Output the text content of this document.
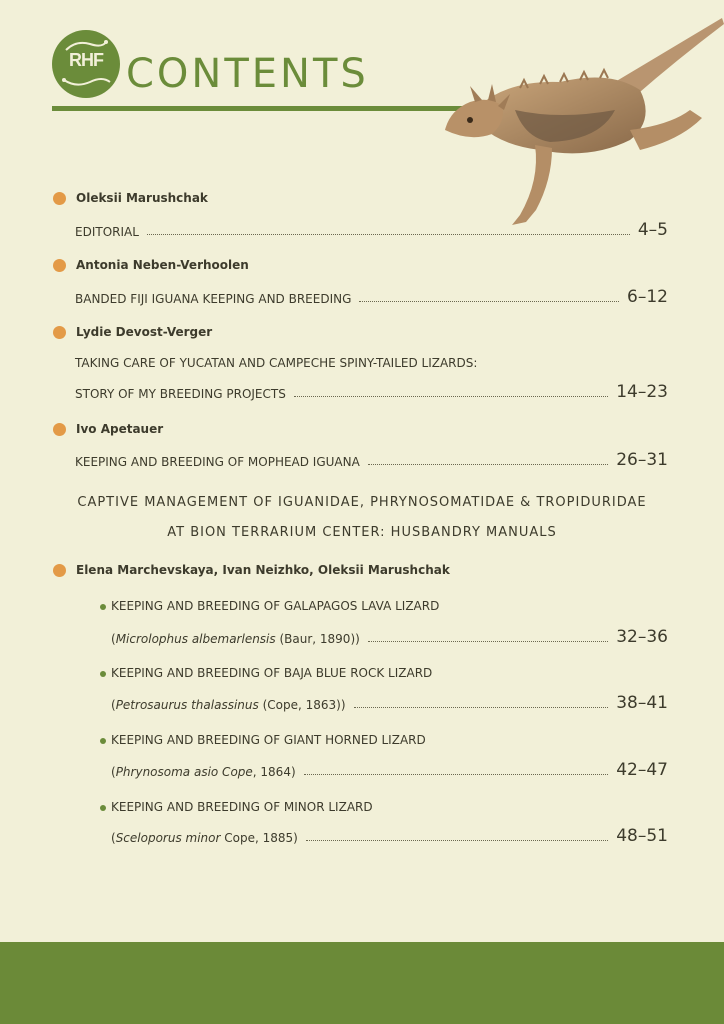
RHF CONTENTS
Oleksii Marushchak
EDITORIAL	4–5
Antonia Neben-Verhoolen
BANDED FIJI IGUANA KEEPING AND BREEDING	6–12
Lydie Devost-Verger
TAKING CARE OF YUCATAN AND CAMPECHE SPINY-TAILED LIZARDS:
STORY OF MY BREEDING PROJECTS	14–23
Ivo Apetauer
KEEPING AND BREEDING OF MOPHEAD IGUANA	26–31
CAPTIVE MANAGEMENT OF IGUANIDAE, PHRYNOSOMATIDAE & TROPIDURIDAE
AT BION TERRARIUM CENTER: HUSBANDRY MANUALS
Elena Marchevskaya, Ivan Neizhko, Oleksii Marushchak
KEEPING AND BREEDING OF GALAPAGOS LAVA LIZARD
(Microlophus albemarlensis (Baur, 1890))	32–36
KEEPING AND BREEDING OF BAJA BLUE ROCK LIZARD
(Petrosaurus thalassinus (Cope, 1863))	38–41
KEEPING AND BREEDING OF GIANT HORNED LIZARD
(Phrynosoma asio Cope, 1864)	42–47
KEEPING AND BREEDING OF MINOR LIZARD
(Sceloporus minor Cope, 1885)	48–51
